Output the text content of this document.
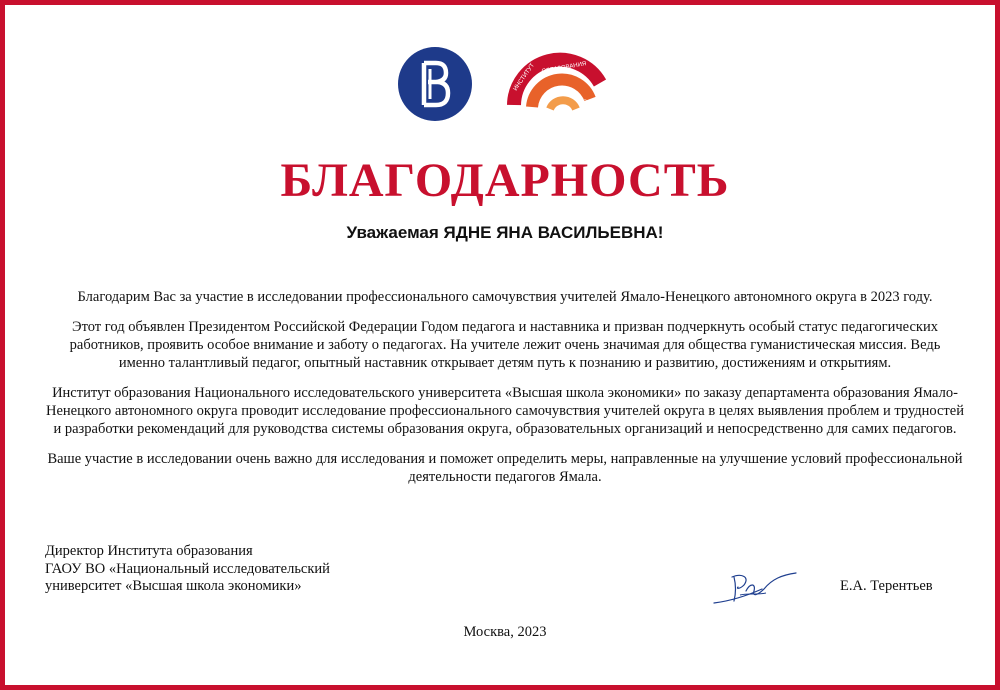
ИНСТИТУТ ОБРАЗОВАНИЯ
НИУ ВШЭ
БЛАГОДАРНОСТЬ
Уважаемая ЯДНЕ ЯНА ВАСИЛЬЕВНА!

Благодарим Вас за участие в исследовании профессионального самочувствия учителей Ямало-Ненецкого автономного округа в 2023 году.

Этот год объявлен Президентом Российской Федерации Годом педагога и наставника и призван подчеркнуть особый статус педагогических работников, проявить особое внимание и заботу о педагогах. На учителе лежит очень значимая для общества гуманистическая миссия. Ведь именно талантливый педагог, опытный наставник открывает детям путь к познанию и развитию, достижениям и открытиям.

Институт образования Национального исследовательского университета «Высшая школа экономики» по заказу департамента образования Ямало-Ненецкого автономного округа проводит исследование профессионального самочувствия учителей округа в целях выявления проблем и трудностей и разработки рекомендаций для руководства системы образования округа, образовательных организаций и непосредственно для самих педагогов.

Ваше участие в исследовании очень важно для исследования и поможет определить меры, направленные на улучшение условий профессиональной деятельности педагогов Ямала.

Директор Института образования
ГАОУ ВО «Национальный исследовательский
университет «Высшая школа экономики»	Е.А. Терентьев
Москва, 2023
